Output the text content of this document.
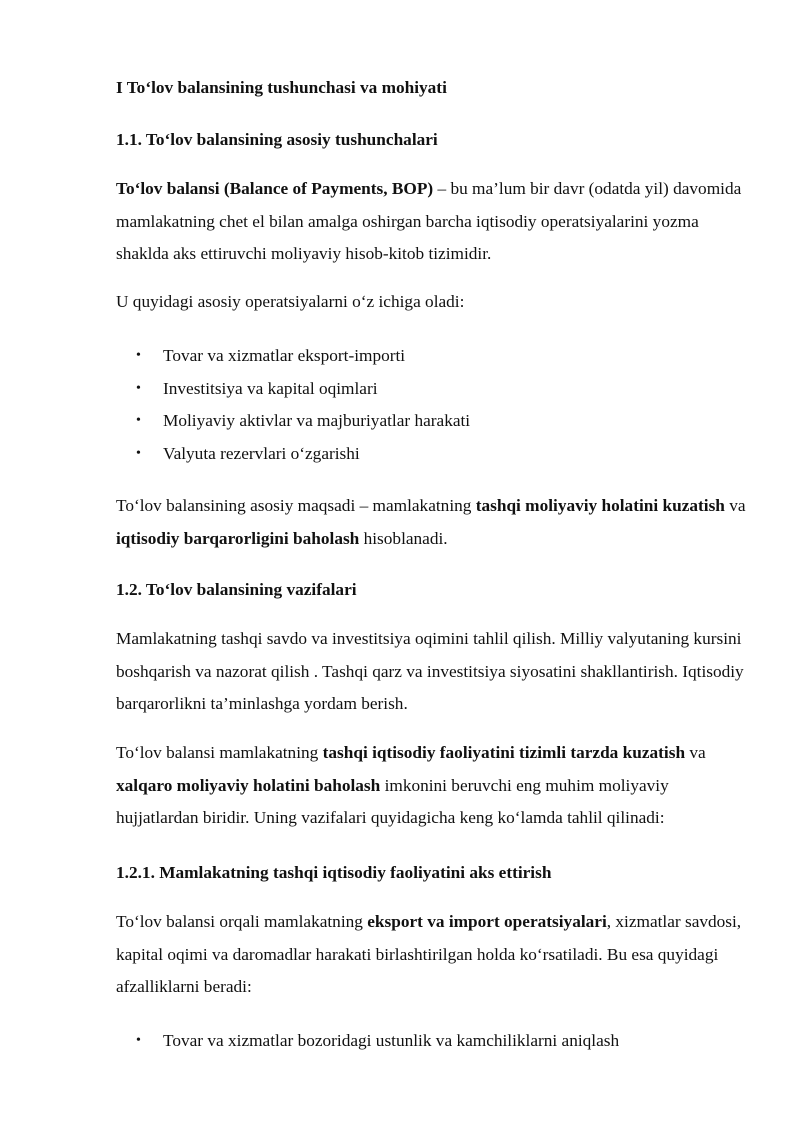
I To‘lov balansining tushunchasi va mohiyati

1.1. To‘lov balansining asosiy tushunchalari

To‘lov balansi (Balance of Payments, BOP) – bu ma’lum bir davr (odatda yil) davomida mamlakatning chet el bilan amalga oshirgan barcha iqtisodiy operatsiyalarini yozma shaklda aks ettiruvchi moliyaviy hisob-kitob tizimidir.

U quyidagi asosiy operatsiyalarni o‘z ichiga oladi:

• Tovar va xizmatlar eksport-importi
• Investitsiya va kapital oqimlari
• Moliyaviy aktivlar va majburiyatlar harakati
• Valyuta rezervlari o‘zgarishi

To‘lov balansining asosiy maqsadi – mamlakatning tashqi moliyaviy holatini kuzatish va iqtisodiy barqarorligini baholash hisoblanadi.

1.2. To‘lov balansining vazifalari

Mamlakatning tashqi savdo va investitsiya oqimini tahlil qilish. Milliy valyutaning kursini boshqarish va nazorat qilish . Tashqi qarz va investitsiya siyosatini shakllantirish. Iqtisodiy barqarorlikni ta’minlashga yordam berish.

To‘lov balansi mamlakatning tashqi iqtisodiy faoliyatini tizimli tarzda kuzatish va xalqaro moliyaviy holatini baholash imkonini beruvchi eng muhim moliyaviy hujjatlardan biridir. Uning vazifalari quyidagicha keng ko‘lamda tahlil qilinadi:

1.2.1. Mamlakatning tashqi iqtisodiy faoliyatini aks ettirish

To‘lov balansi orqali mamlakatning eksport va import operatsiyalari, xizmatlar savdosi, kapital oqimi va daromadlar harakati birlashtirilgan holda ko‘rsatiladi. Bu esa quyidagi afzalliklarni beradi:

• Tovar va xizmatlar bozoridagi ustunlik va kamchiliklarni aniqlash
